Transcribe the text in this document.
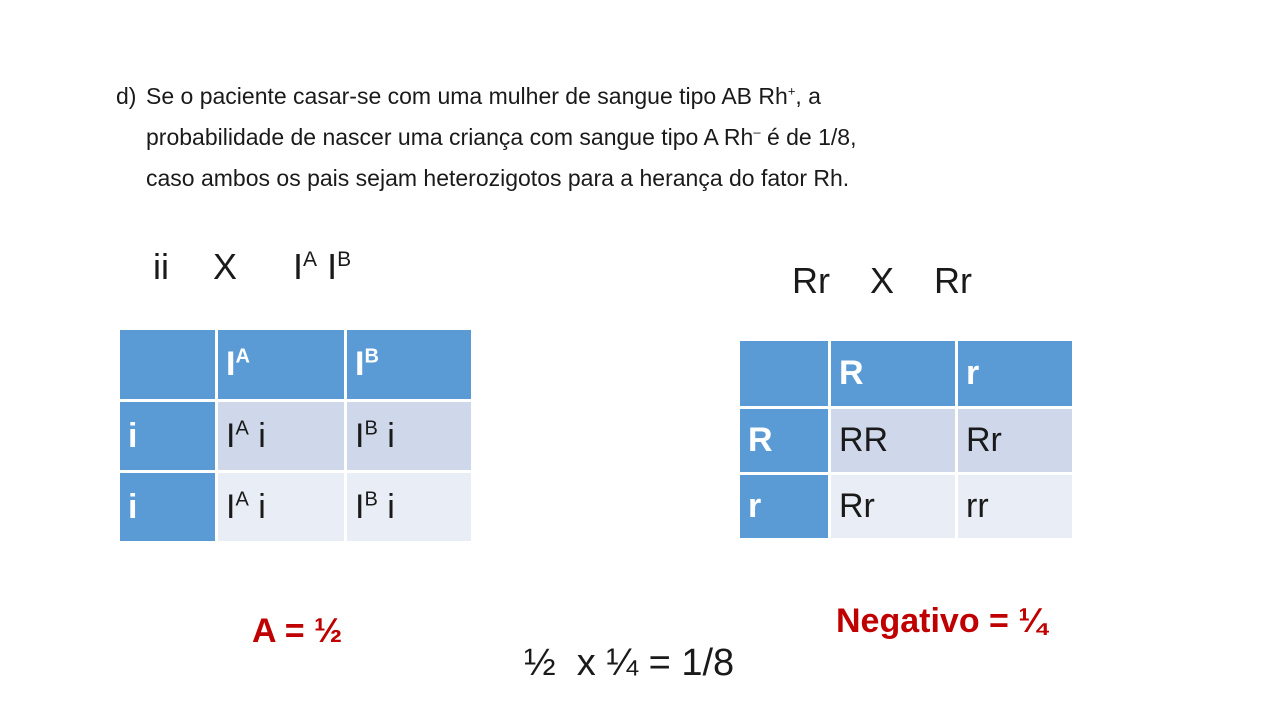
d) Se o paciente casar-se com uma mulher de sangue tipo AB Rh+, a
probabilidade de nascer uma criança com sangue tipo A Rh– é de 1/8,
caso ambos os pais sejam heterozigotos para a herança do fator Rh.
ii X $I^A$ $I^B$
Rr X Rr
	$I^A$	$I^B$
i	$I^A$ i	$I^B$ i
i	$I^A$ i	$I^B$ i
	R	r
R	RR	Rr
r	Rr	rr
Negativo = ¼
A = ½
½  x ¼ = 1/8
